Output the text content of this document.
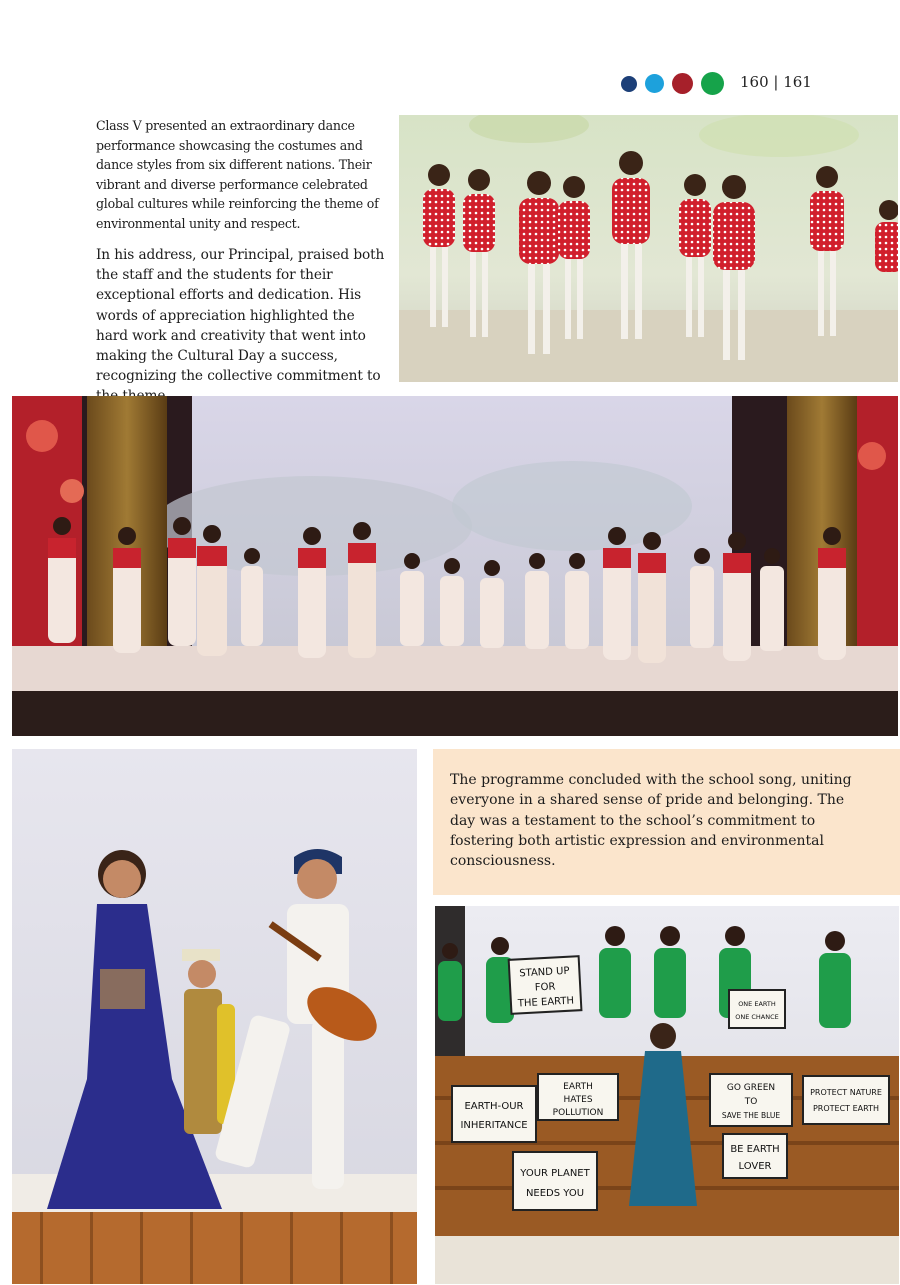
160 | 161
Class V presented an extraordinary dance performance showcasing the costumes and dance styles from six different nations. Their vibrant and diverse performance celebrated global cultures while reinforcing the theme of environmental unity and respect.
In his address, our Principal, praised both the staff and the students for their exceptional efforts and dedication. His words of appreciation highlighted the hard work and creativity that went into making the Cultural Day a success, recognizing the collective commitment to
The programme concluded with the school song, uniting everyone in a shared sense of pride and belonging. The day was a testament to the school’s commitment to fostering both artistic expression and environmental consciousness.
STAND UP
FOR
THE EARTH	ONE EARTH
ONE CHANCE
EARTH
HATES
POLLUTION
EARTH-OUR
INHERITANCE
GO GREEN
TO
SAVE THE BLUE
PROTECT NATURE
PROTECT EARTH
BE EARTH
LOVER
YOUR PLANET
NEEDS YOU
